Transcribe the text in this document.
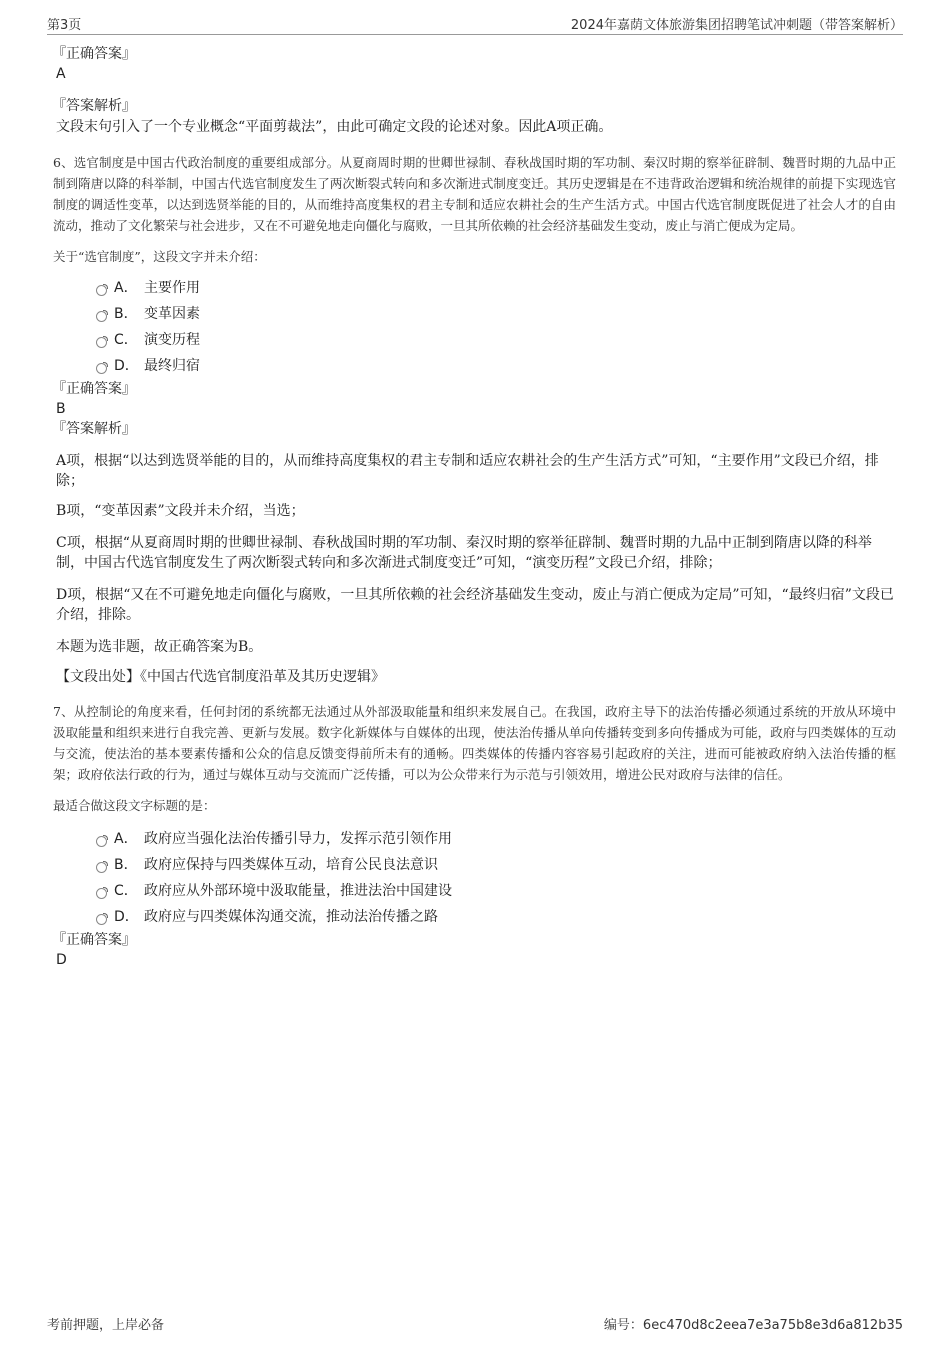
第3页	2024年嘉荫文体旅游集团招聘笔试冲刺题（带答案解析）
『正确答案』
A
『答案解析』

文段末句引入了一个专业概念“平面剪裁法”，由此可确定文段的论述对象。因此A项正确。

6、选官制度是中国古代政治制度的重要组成部分。从夏商周时期的世卿世禄制、春秋战国时期的军功制、秦汉时期的察举征辟制、魏晋时期的九品中正制到隋唐以降的科举制，中国古代选官制度发生了两次断裂式转向和多次渐进式制度变迁。其历史逻辑是在不违背政治逻辑和统治规律的前提下实现选官制度的调适性变革，以达到选贤举能的目的，从而维持高度集权的君主专制和适应农耕社会的生产生活方式。中国古代选官制度既促进了社会人才的自由流动，推动了文化繁荣与社会进步，又在不可避免地走向僵化与腐败，一旦其所依赖的社会经济基础发生变动，废止与消亡便成为定局。

关于“选官制度”，这段文字并未介绍：

A． 主要作用
B． 变革因素
C． 演变历程
D． 最终归宿
『正确答案』
B
『答案解析』

A项，根据“以达到选贤举能的目的，从而维持高度集权的君主专制和适应农耕社会的生产生活方式”可知，“主要作用”文段已介绍，排除；

B项，“变革因素”文段并未介绍，当选；

C项，根据“从夏商周时期的世卿世禄制、春秋战国时期的军功制、秦汉时期的察举征辟制、魏晋时期的九品中正制到隋唐以降的科举制，中国古代选官制度发生了两次断裂式转向和多次渐进式制度变迁”可知，“演变历程”文段已介绍，排除；

D项，根据“又在不可避免地走向僵化与腐败，一旦其所依赖的社会经济基础发生变动，废止与消亡便成为定局”可知，“最终归宿”文段已介绍，排除。

本题为选非题，故正确答案为B。

【文段出处】《中国古代选官制度沿革及其历史逻辑》

7、从控制论的角度来看，任何封闭的系统都无法通过从外部汲取能量和组织来发展自己。在我国，政府主导下的法治传播必须通过系统的开放从环境中汲取能量和组织来进行自我完善、更新与发展。数字化新媒体与自媒体的出现，使法治传播从单向传播转变到多向传播成为可能，政府与四类媒体的互动与交流，使法治的基本要素传播和公众的信息反馈变得前所未有的通畅。四类媒体的传播内容容易引起政府的关注，进而可能被政府纳入法治传播的框架；政府依法行政的行为，通过与媒体互动与交流而广泛传播，可以为公众带来行为示范与引领效用，增进公民对政府与法律的信任。

最适合做这段文字标题的是：

A． 政府应当强化法治传播引导力，发挥示范引领作用
B． 政府应保持与四类媒体互动，培育公民良法意识
C． 政府应从外部环境中汲取能量，推进法治中国建设
D． 政府应与四类媒体沟通交流，推动法治传播之路
『正确答案』
D
考前押题，上岸必备	编号：6ec470d8c2eea7e3a75b8e3d6a812b35
